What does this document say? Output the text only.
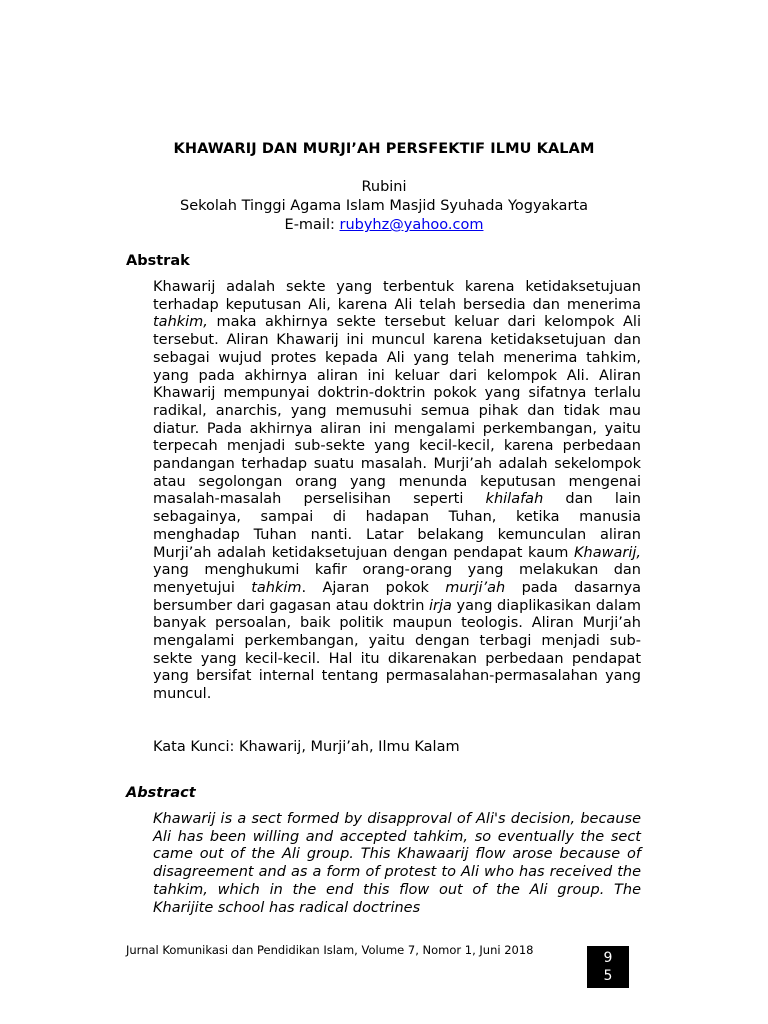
KHAWARIJ DAN MURJI’AH PERSFEKTIF ILMU KALAM
Rubini
Sekolah Tinggi Agama Islam Masjid Syuhada Yogyakarta
E-mail: rubyhz@yahoo.com
Abstrak

Khawarij adalah sekte yang terbentuk karena ketidaksetujuan terhadap keputusan Ali, karena Ali telah bersedia dan menerima tahkim, maka akhirnya sekte tersebut keluar dari kelompok Ali tersebut. Aliran Khawarij ini muncul karena ketidaksetujuan dan sebagai wujud protes kepada Ali yang telah menerima tahkim, yang pada akhirnya aliran ini keluar dari kelompok Ali. Aliran Khawarij mempunyai doktrin-doktrin pokok yang sifatnya terlalu radikal, anarchis, yang memusuhi semua pihak dan tidak mau diatur. Pada akhirnya aliran ini mengalami perkembangan, yaitu terpecah menjadi sub-sekte yang kecil-kecil, karena perbedaan pandangan terhadap suatu masalah. Murji’ah adalah sekelompok atau segolongan orang yang menunda keputusan mengenai masalah-masalah perselisihan seperti khilafah dan lain sebagainya, sampai di hadapan Tuhan, ketika manusia menghadap Tuhan nanti. Latar belakang kemunculan aliran Murji’ah adalah ketidaksetujuan dengan pendapat kaum Khawarij, yang menghukumi kafir orang-orang yang melakukan dan menyetujui tahkim. Ajaran pokok murji’ah pada dasarnya bersumber dari gagasan atau doktrin irja yang diaplikasikan dalam banyak persoalan, baik politik maupun teologis. Aliran Murji’ah mengalami perkembangan, yaitu dengan terbagi menjadi sub-sekte yang kecil-kecil. Hal itu dikarenakan perbedaan pendapat yang bersifat internal tentang permasalahan-permasalahan yang muncul.

Kata Kunci: Khawarij, Murji’ah, Ilmu Kalam
Abstract

Khawarij is a sect formed by disapproval of Ali's decision, because Ali has been willing and accepted tahkim, so eventually the sect came out of the Ali group. This Khawaarij flow arose because of disagreement and as a form of protest to Ali who has received the tahkim, which in the end this flow out of the Ali group. The Kharijite school has radical doctrines

Jurnal Komunikasi dan Pendidikan Islam, Volume 7, Nomor 1, Juni 2018	9
5
